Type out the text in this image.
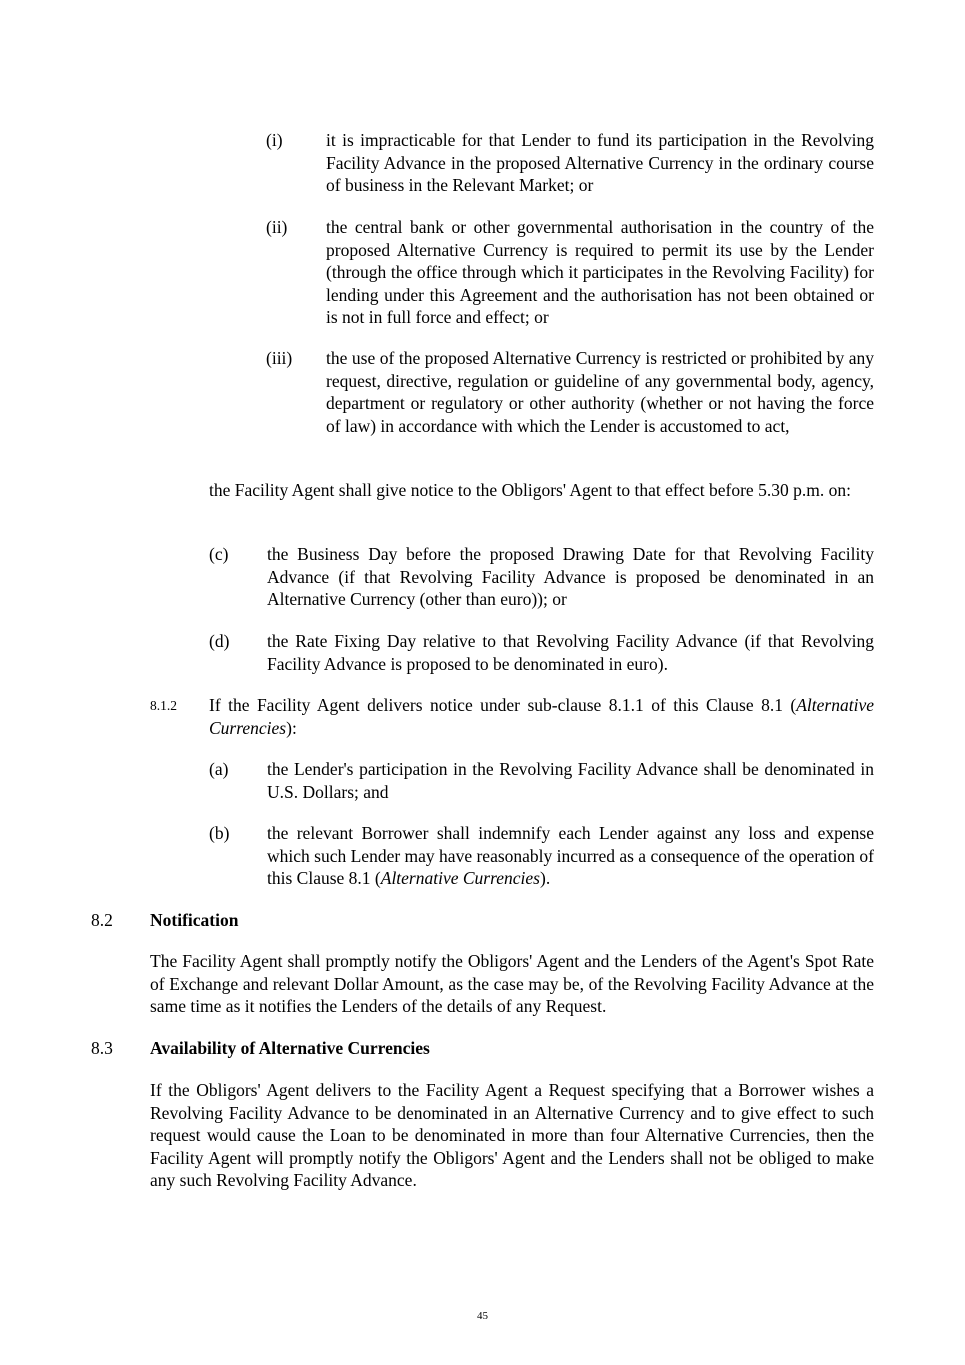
(i) it is impracticable for that Lender to fund its participation in the Revolving Facility Advance in the proposed Alternative Currency in the ordinary course of business in the Relevant Market; or
(ii) the central bank or other governmental authorisation in the country of the proposed Alternative Currency is required to permit its use by the Lender (through the office through which it participates in the Revolving Facility) for lending under this Agreement and the authorisation has not been obtained or is not in full force and effect; or
(iii) the use of the proposed Alternative Currency is restricted or prohibited by any request, directive, regulation or guideline of any governmental body, agency, department or regulatory or other authority (whether or not having the force of law) in accordance with which the Lender is accustomed to act,
the Facility Agent shall give notice to the Obligors' Agent to that effect before 5.30 p.m. on:
(c) the Business Day before the proposed Drawing Date for that Revolving Facility Advance (if that Revolving Facility Advance is proposed be denominated in an Alternative Currency (other than euro)); or
(d) the Rate Fixing Day relative to that Revolving Facility Advance (if that Revolving Facility Advance is proposed to be denominated in euro).
8.1.2 If the Facility Agent delivers notice under sub-clause 8.1.1 of this Clause 8.1 (Alternative Currencies):
(a) the Lender's participation in the Revolving Facility Advance shall be denominated in U.S. Dollars; and
(b) the relevant Borrower shall indemnify each Lender against any loss and expense which such Lender may have reasonably incurred as a consequence of the operation of this Clause 8.1 (Alternative Currencies).
8.2 Notification
The Facility Agent shall promptly notify the Obligors' Agent and the Lenders of the Agent's Spot Rate of Exchange and relevant Dollar Amount, as the case may be, of the Revolving Facility Advance at the same time as it notifies the Lenders of the details of any Request.
8.3 Availability of Alternative Currencies
If the Obligors' Agent delivers to the Facility Agent a Request specifying that a Borrower wishes a Revolving Facility Advance to be denominated in an Alternative Currency and to give effect to such request would cause the Loan to be denominated in more than four Alternative Currencies, then the Facility Agent will promptly notify the Obligors' Agent and the Lenders shall not be obliged to make any such Revolving Facility Advance.
45
